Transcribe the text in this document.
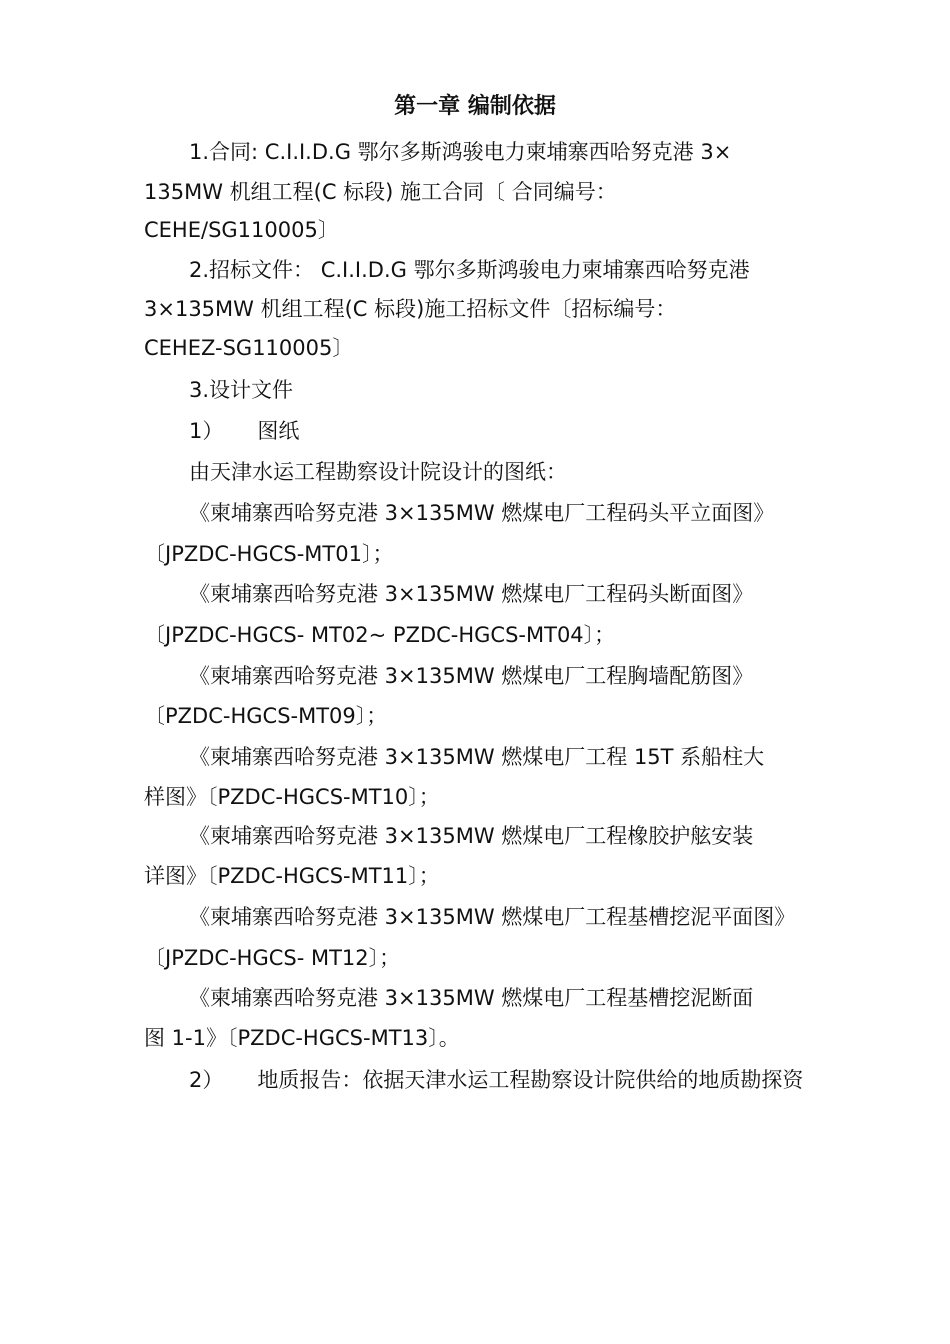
第一章 编制依据
1.合同: C.I.I.D.G 鄂尔多斯鸿骏电力柬埔寨西哈努克港 3×
135MW 机组工程(C 标段) 施工合同〔 合同编号：
CEHE/SG110005〕
2.招标文件： C.I.I.D.G 鄂尔多斯鸿骏电力柬埔寨西哈努克港
3×135MW 机组工程(C 标段)施工招标文件〔招标编号：
CEHEZ-SG110005〕
3.设计文件
1） 图纸
由天津水运工程勘察设计院设计的图纸：
《柬埔寨西哈努克港 3×135MW 燃煤电厂工程码头平立面图》
〔JPZDC-HGCS-MT01〕；
《柬埔寨西哈努克港 3×135MW 燃煤电厂工程码头断面图》
〔JPZDC-HGCS- MT02~ PZDC-HGCS-MT04〕；
《柬埔寨西哈努克港 3×135MW 燃煤电厂工程胸墙配筋图》
〔PZDC-HGCS-MT09〕；
《柬埔寨西哈努克港 3×135MW 燃煤电厂工程 15T 系船柱大
样图》〔PZDC-HGCS-MT10〕；
《柬埔寨西哈努克港 3×135MW 燃煤电厂工程橡胶护舷安装
详图》〔PZDC-HGCS-MT11〕；
《柬埔寨西哈努克港 3×135MW 燃煤电厂工程基槽挖泥平面图》
〔JPZDC-HGCS- MT12〕；
《柬埔寨西哈努克港 3×135MW 燃煤电厂工程基槽挖泥断面
图 1-1》〔PZDC-HGCS-MT13〕。
2） 地质报告：依据天津水运工程勘察设计院供给的地质勘探资
